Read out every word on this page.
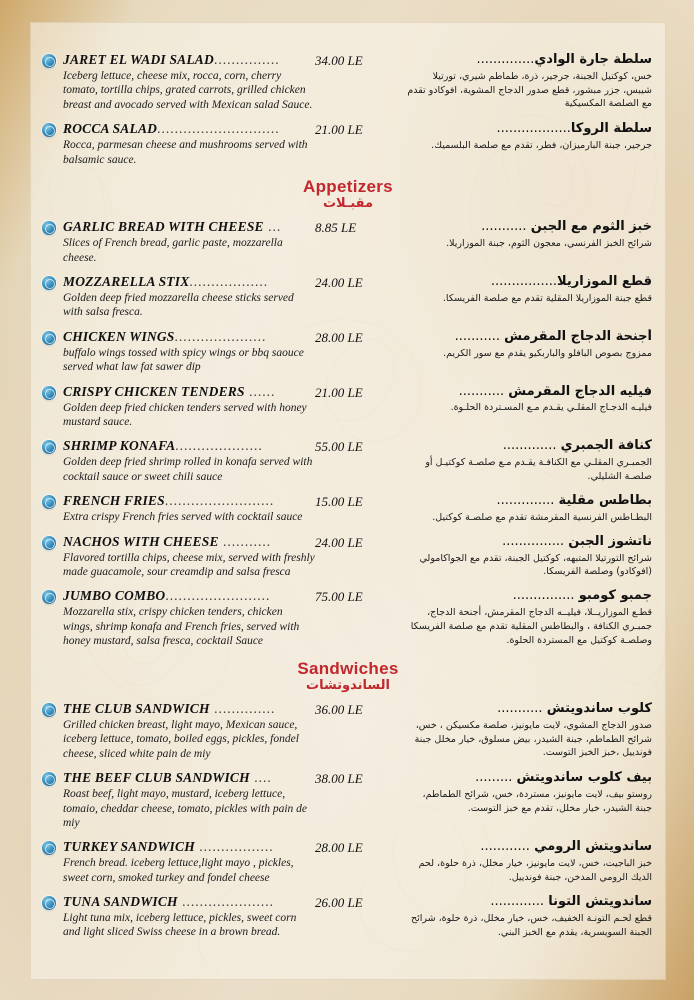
JARET EL WADI SALAD...............
Iceberg lettuce, cheese mix, rocca, corn, cherry tomato, tortilla chips, grated carrots, grilled chicken breast and avocado served with Mexican salad Sauce.
34.00 LE	سلطة جارة الوادي..............
خس، كوكتيل الجبنة، جرجير، ذرة، طماطم شيري، تورتيلا شيبس، جزر مبشور، قطع صدور الدجاج المشوية، افوكادو تقدم مع الصلصة المكسيكية
ROCCA SALAD............................
Rocca, parmesan cheese and mushrooms served with balsamic sauce.
21.00 LE	سلطة الروكا..................
جرجير، جبنة البارميزان، فطر، تقدم مع صلصة البلسميك.
Appetizers
مقبـلات
GARLIC BREAD WITH CHEESE ...
Slices of French bread, garlic paste, mozzarella cheese.
8.85 LE	خبز الثوم مع الجبن ...........
شرائح الخبز الفرنسي، معجون الثوم، جبنة الموزاريلا.
MOZZARELLA STIX..................
Golden deep fried mozzarella cheese sticks served with salsa fresca.
24.00 LE	قطع الموزاريلا................
قطع جبنة الموزاريلا المقلية تقدم مع صلصة الفريسكا.
CHICKEN WINGS.....................
buffalo wings tossed with spicy wings or bbq saouce served what law fat sawer dip
28.00 LE	أجنحة الدجاج المقرمش ...........
ممزوج بصوص البافلو والباربكيو يقدم مع سور الكريم.
CRISPY CHICKEN TENDERS ......
Golden deep fried chicken tenders served with honey mustard sauce.
21.00 LE	فيليه الدجاج المقرمش ...........
فيليـه الدجـاج المقلـي يقـدم مـع المسـتردة الحلـوة.
SHRIMP KONAFA....................
Golden deep fried shrimp rolled in konafa served with cocktail sauce or sweet chili sauce
55.00 LE	كنافة الجمبري .............
الجمبـري المقلـي مع الكنافـة يقـدم مـع صلصـة كوكتيـل أو صلصـة الشليلي.
FRENCH FRIES.........................
Extra crispy French fries served with cocktail sauce
15.00 LE	بطاطس مقلية ..............
البطـاطس الفرنسية المقرمشة تقدم مع صلصـة كوكتيل.
NACHOS WITH CHEESE ...........
Flavored tortilla chips, cheese mix, served with freshly made guacamole, sour creamdip and salsa fresca
24.00 LE	ناتشوز الجبن ...............
شرائح التورتيلا المتبهه، كوكتيل الجبنة، تقدم مع الجواكامولي (افوكادو) وصلصة الفريسكا.
JUMBO COMBO........................
Mozzarella stix, crispy chicken tenders, chicken wings, shrimp konafa and French fries, served with honey mustard, salsa fresca, cocktail Sauce
75.00 LE	جمبو كومبو ...............
قطـع الموزاريــلا، فيليــه الدجاج المقرمش، أجنحة الدجاج، جمبـري الكنافة ، والبطاطس المقلية تقدم مع صلصة الفريسكا وصلصـة كوكتيل مع المستردة الحلوة.
Sandwiches
الساندوتشات
THE CLUB SANDWICH ..............
Grilled chicken breast, light mayo, Mexican sauce, iceberg lettuce, tomato, boiled eggs, pickles, fondel cheese, sliced white pain de miy
36.00 LE	كلوب ساندويتش ...........
صدور الدجاج المشوي، لايت مايونيز، صلصة مكسيكن ، خس، شرائح الطماطم، جبنة الشيدر، بيض مسلوق، خيار مخلل جبنة فوندييل ،خبز الخبز التوست.
THE BEEF CLUB SANDWICH ....
Roast beef, light mayo, mustard, iceberg lettuce, tomaio, cheddar cheese, tomato, pickles with pain de miy
38.00 LE	بيف كلوب ساندويتش .........
روستو بيف، لايت مايونيز، مستردة، خس، شرائح الطماطم، جبنة الشيدر، خيار مخلل، تقدم مع خبز التوست.
TURKEY SANDWICH .................
French bread. iceberg lettuce,light mayo , pickles, sweet corn, smoked turkey and fondel cheese
28.00 LE	ساندويتش الرومي ............
خبز الباجيت، خس، لايت مايونيز، خيار مخلل، ذرة حلوة، لحم الديك الرومي المدخن، جبنة فوندييل.
TUNA SANDWICH .....................
Light tuna mix, iceberg lettuce, pickles, sweet corn and light sliced Swiss cheese in a brown bread.
26.00 LE	ساندويتش التونا .............
قطع لحـم التونـة الخفيف، خس، خيار مخلل، ذرة حلوة، شرائح الجبنة السويسرية، يقدم مع الخبز البني.
